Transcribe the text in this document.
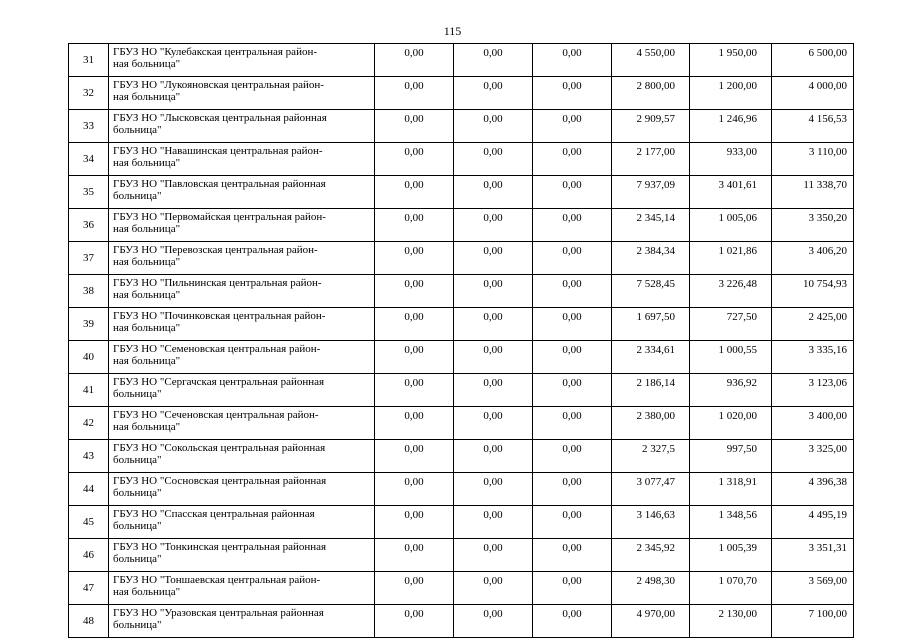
115
31	ГБУЗ НО "Кулебакская центральная район-
ная больница"	0,00	0,00	0,00	4 550,00	1 950,00	6 500,00
32	ГБУЗ НО "Лукояновская центральная район-
ная больница"	0,00	0,00	0,00	2 800,00	1 200,00	4 000,00
33	ГБУЗ НО "Лысковская центральная районная
больница"	0,00	0,00	0,00	2 909,57	1 246,96	4 156,53
34	ГБУЗ НО "Навашинская центральная район-
ная больница"	0,00	0,00	0,00	2 177,00	933,00	3 110,00
35	ГБУЗ НО "Павловская центральная районная
больница"	0,00	0,00	0,00	7 937,09	3 401,61	11 338,70
36	ГБУЗ НО "Первомайская центральная район-
ная больница"	0,00	0,00	0,00	2 345,14	1 005,06	3 350,20
37	ГБУЗ НО "Перевозская центральная район-
ная больница"	0,00	0,00	0,00	2 384,34	1 021,86	3 406,20
38	ГБУЗ НО "Пильнинская центральная район-
ная больница"	0,00	0,00	0,00	7 528,45	3 226,48	10 754,93
39	ГБУЗ НО "Починковская центральная район-
ная больница"	0,00	0,00	0,00	1 697,50	727,50	2 425,00
40	ГБУЗ НО "Семеновская центральная район-
ная больница"	0,00	0,00	0,00	2 334,61	1 000,55	3 335,16
41	ГБУЗ НО "Сергачская центральная районная
больница"	0,00	0,00	0,00	2 186,14	936,92	3 123,06
42	ГБУЗ НО "Сеченовская центральная район-
ная больница"	0,00	0,00	0,00	2 380,00	1 020,00	3 400,00
43	ГБУЗ НО "Сокольская центральная районная
больница"	0,00	0,00	0,00	2 327,5	997,50	3 325,00
44	ГБУЗ НО "Сосновская центральная районная
больница"	0,00	0,00	0,00	3 077,47	1 318,91	4 396,38
45	ГБУЗ НО "Спасская центральная районная
больница"	0,00	0,00	0,00	3 146,63	1 348,56	4 495,19
46	ГБУЗ НО "Тонкинская центральная районная
больница"	0,00	0,00	0,00	2 345,92	1 005,39	3 351,31
47	ГБУЗ НО "Тоншаевская центральная район-
ная больница"	0,00	0,00	0,00	2 498,30	1 070,70	3 569,00
48	ГБУЗ НО "Уразовская центральная районная
больница"	0,00	0,00	0,00	4 970,00	2 130,00	7 100,00
